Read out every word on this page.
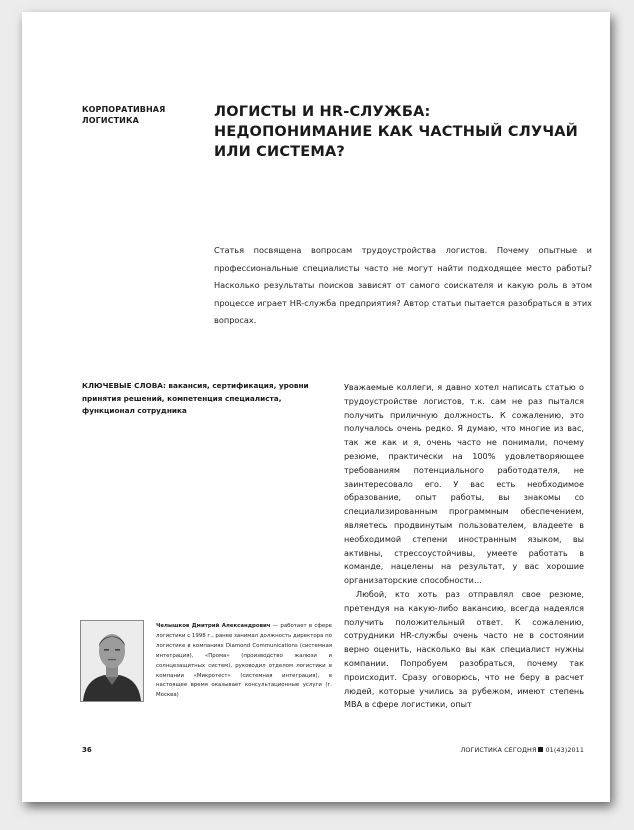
КОРПОРАТИВНАЯ ЛОГИСТИКА
ЛОГИСТЫ И HR-СЛУЖБА: НЕДОПОНИМАНИЕ КАК ЧАСТНЫЙ СЛУЧАЙ ИЛИ СИСТЕМА?
Статья посвящена вопросам трудоустройства логистов. Почему опытные и профессиональные специалисты часто не могут найти подходящее место работы? Насколько результаты поисков зависят от самого соискателя и какую роль в этом процессе играет HR-служба предприятия? Автор статьи пытается разобраться в этих вопросах.
КЛЮЧЕВЫЕ СЛОВА: вакансия, сертификация, уровни принятия решений, компетенция специалиста, функционал сотрудника

Уважаемые коллеги, я давно хотел написать статью о трудоустройстве логистов, т.к. сам не раз пытался получить приличную должность. К сожалению, это получалось очень редко. Я думаю, что многие из вас, так же как и я, очень часто не понимали, почему резюме, практически на 100% удовлетворяющее требованиям потенциального работодателя, не заинтересовало его. У вас есть необходимое образование, опыт работы, вы знакомы со специализированным программным обеспечением, являетесь продвинутым пользователем, владеете в необходимой степени иностранным языком, вы активны, стрессоустойчивы, умеете работать в команде, нацелены на результат, у вас хорошие организаторские способности…

Любой, кто хоть раз отправлял свое резюме, претендуя на какую-либо вакансию, всегда надеялся получить положительный ответ. К сожалению, сотрудники HR-службы очень часто не в состоянии верно оценить, насколько вы как специалист нужны компании. Попробуем разобраться, почему так происходит. Сразу оговорюсь, что не беру в расчет людей, которые учились за рубежом, имеют степень МВА в сфере логистики, опыт

Челышков Дмитрий Александрович — работает в сфере логистики с 1998 г., ранее занимал должность директора по логистике в компаниях Diamond Communications (системная интеграция), «Прома» (производство жалюзи и солнцезащитных систем), руководил отделом логистики в компании «Микротест» (системная интеграция), в настоящее время оказывает консультационные услуги (г. Москва)
36	ЛОГИСТИКА СЕГОДНЯ 01(43)2011
